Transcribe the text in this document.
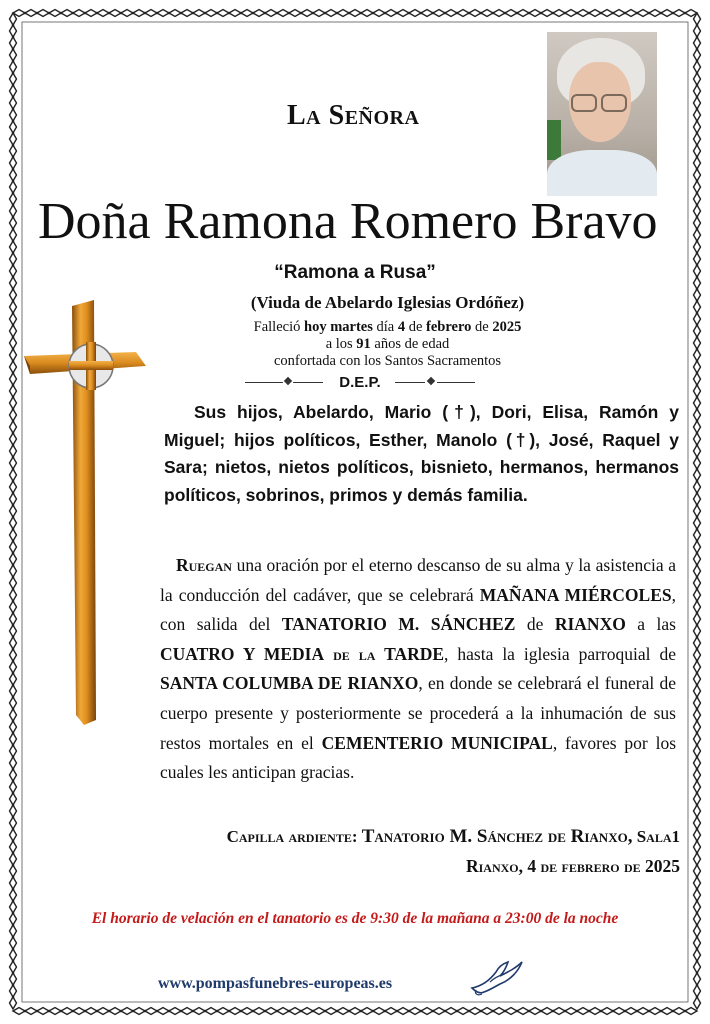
La Señora
Doña Ramona Romero Bravo
“Ramona a Rusa”
(Viuda de Abelardo Iglesias Ordóñez)
Falleció hoy martes día 4 de febrero de 2025
a los 91 años de edad
confortada con los Santos Sacramentos
D.E.P.
Sus hijos, Abelardo, Mario (†), Dori, Elisa, Ramón y Miguel; hijos políticos, Esther, Manolo (†), José, Raquel y Sara; nietos, nietos políticos, bisnieto, hermanos, hermanos políticos, sobrinos, primos y demás familia.
Ruegan una oración por el eterno descanso de su alma y la asistencia a la conducción del cadáver, que se celebrará MAÑANA MIÉRCOLES, con salida del TANATORIO M. SÁNCHEZ de RIANXO a las CUATRO Y MEDIA de la TARDE, hasta la iglesia parroquial de SANTA COLUMBA DE RIANXO, en donde se celebrará el funeral de cuerpo presente y posteriormente se procederá a la inhumación de sus restos mortales en el CEMENTERIO MUNICIPAL, favores por los cuales les anticipan gracias.
Capilla ardiente: Tanatorio M. Sánchez de Rianxo, Sala1
Rianxo, 4 de febrero de 2025
El horario de velación en el tanatorio es de 9:30 de la mañana a 23:00 de la noche
www.pompasfunebres-europeas.es
